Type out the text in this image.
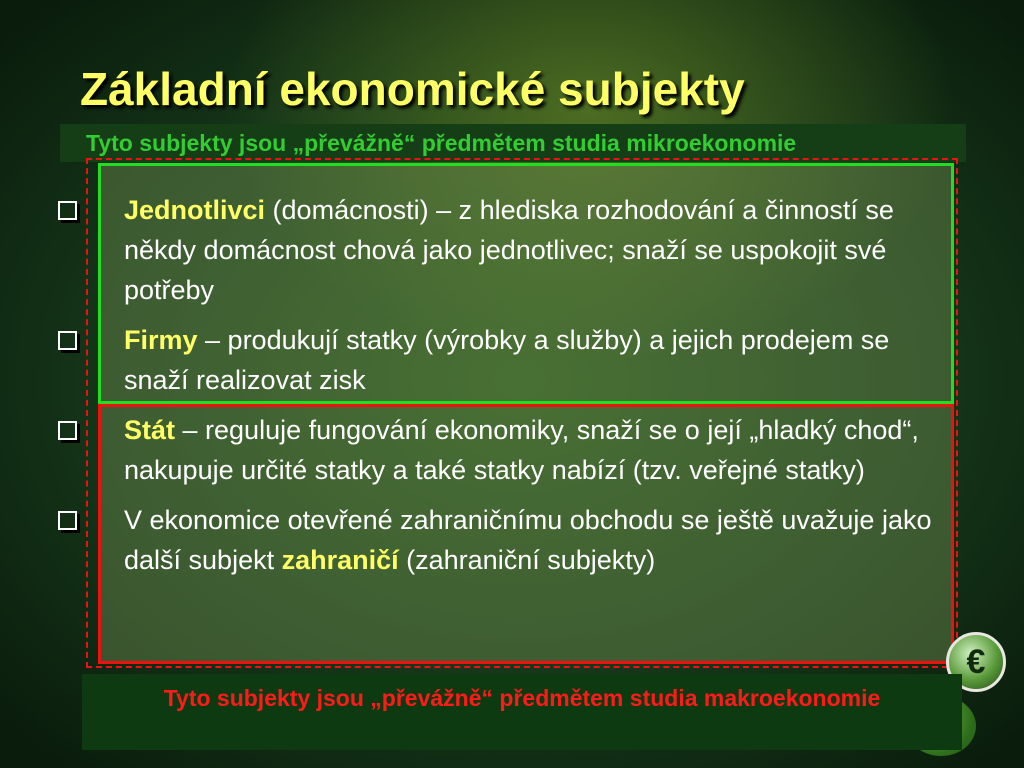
Základní ekonomické subjekty
Tyto subjekty jsou „převážně“ předmětem studia mikroekonomie
Jednotlivci (domácnosti) – z hlediska rozhodování a činností se někdy domácnost chová jako jednotlivec; snaží se uspokojit své potřeby
Firmy – produkují statky (výrobky a služby) a jejich prodejem se snaží realizovat zisk
Stát – reguluje fungování ekonomiky, snaží se o její „hladký chod“, nakupuje určité statky a také statky nabízí (tzv. veřejné statky)
V ekonomice otevřené zahraničnímu obchodu se ještě uvažuje jako další subjekt zahraničí (zahraniční subjekty)
€
Tyto subjekty jsou „převážně“ předmětem studia makroekonomie
